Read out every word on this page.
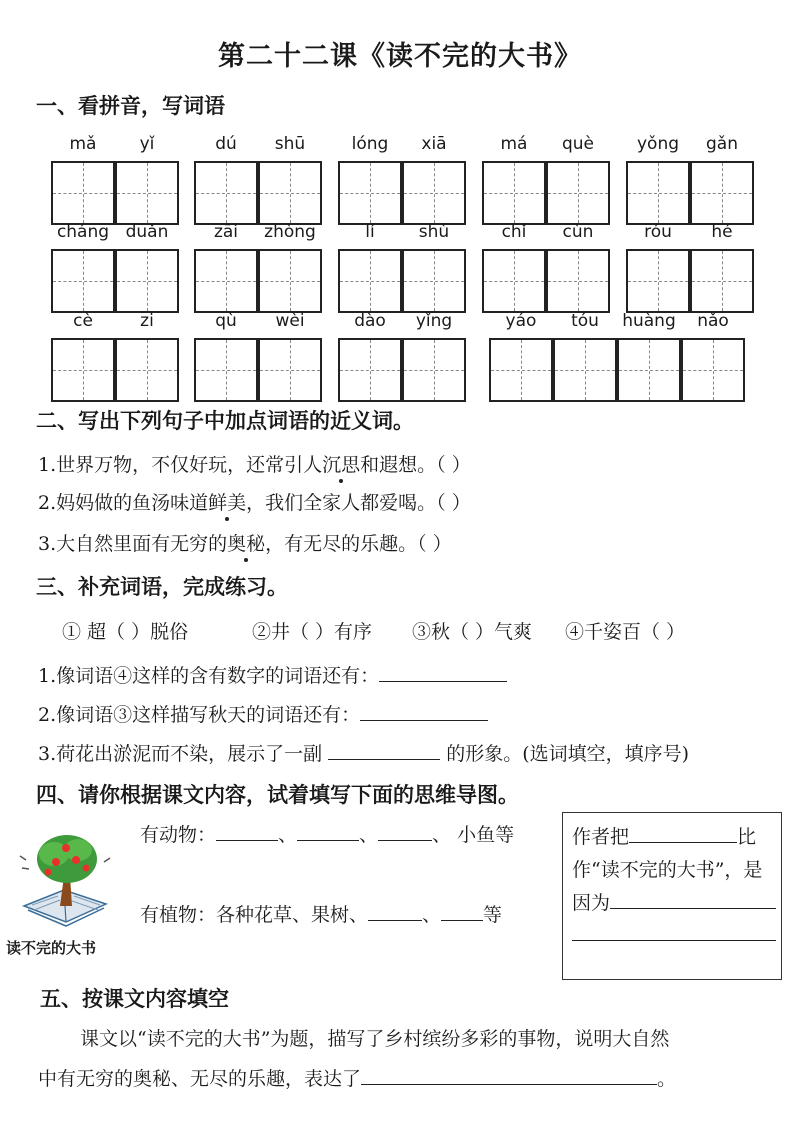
第二十二课《读不完的大书》
一、看拼音，写词语
mǎ	yǐ	dú	shū	lóng	xiā	má	què	yǒng	gǎn
cháng duǎn	zāi	zhòng	lí	shù	chǐ	cùn	róu	hé
cè	zi	qù	wèi	dào	yǐng	yáo	tóu	huàng	nǎo
二、写出下列句子中加点词语的近义词。
1.世界万物，不仅好玩，还常引人沉思和遐想。（ ）
2.妈妈做的鱼汤味道鲜美，我们全家人都爱喝。（ ）
3.大自然里面有无穷的奥秘，有无尽的乐趣。（ ）
三、补充词语，完成练习。
① 超（ ）脱俗	②井（ ）有序 ③秋（ ）气爽 ④千姿百（ ）
1.像词语④这样的含有数字的词语还有：
2.像词语③这样描写秋天的词语还有：
3.荷花出淤泥而不染，展示了一副	的形象。(选词填空，填序号)
四、请你根据课文内容，试着填写下面的思维导图。
读不完的大书
有动物：	、	、	、 小鱼等
有植物：各种花草、果树、	、 等
作者把	比
作“读不完的大书”，是
因为
五、按课文内容填空
课文以“读不完的大书”为题，描写了乡村缤纷多彩的事物，说明大自然
中有无穷的奥秘、无尽的乐趣，表达了	。
